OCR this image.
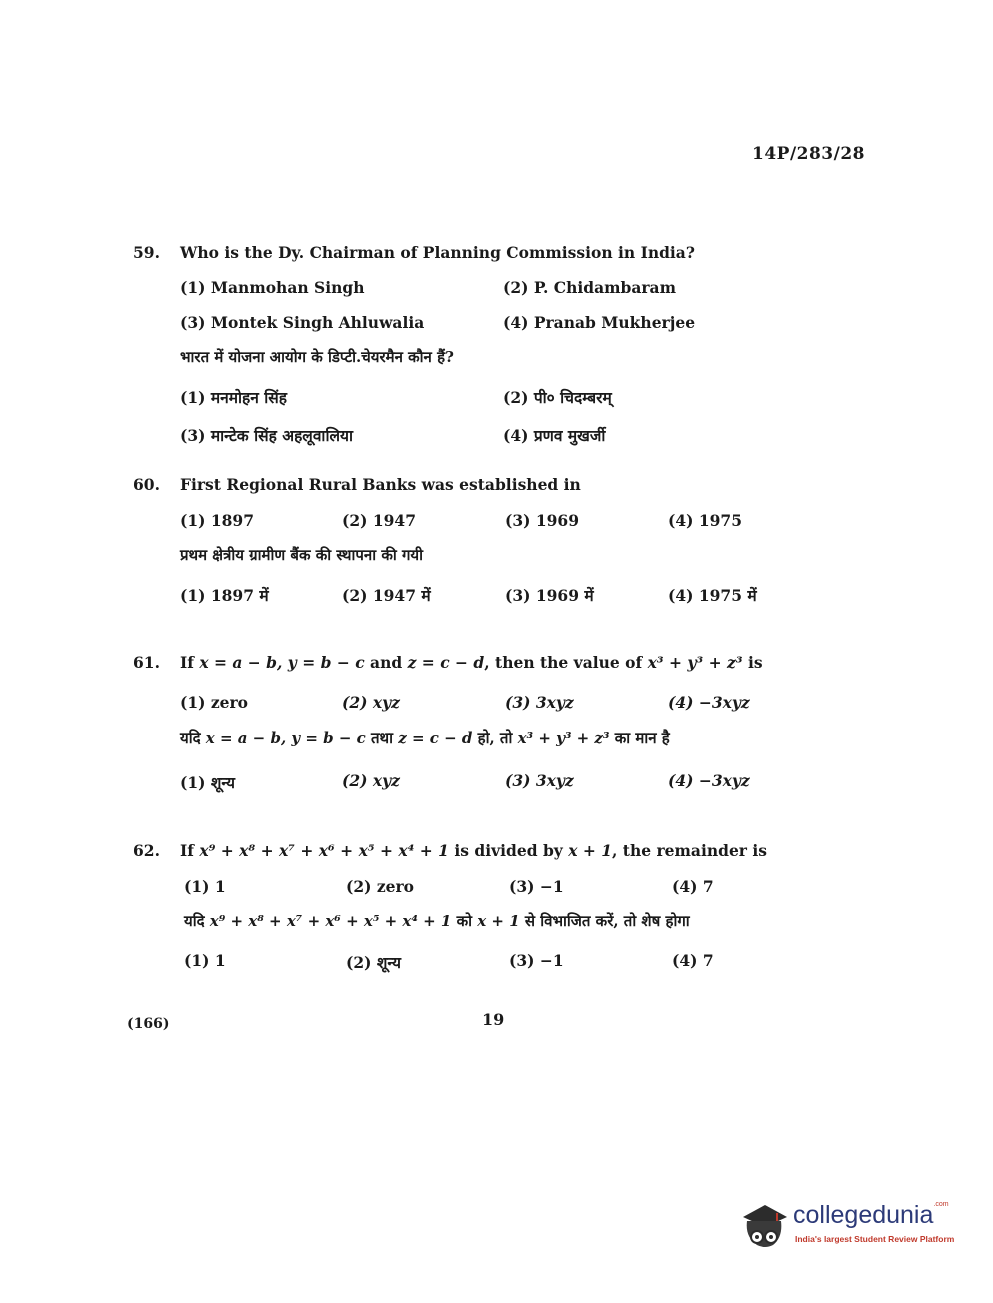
14P/283/28
59.	Who is the Dy. Chairman of Planning Commission in India?
(1) Manmohan Singh	(2) P. Chidambaram
(3) Montek Singh Ahluwalia	(4) Pranab Mukherjee
भारत में योजना आयोग के डिप्टी.चेयरमैन कौन हैं?
(1) मनमोहन सिंह	(2) पी० चिदम्बरम्
(3) मान्टेक सिंह अहलूवालिया	(4) प्रणव मुखर्जी
60.	First Regional Rural Banks was established in
(1) 1897	(2) 1947	(3) 1969	(4) 1975
प्रथम क्षेत्रीय ग्रामीण बैंक की स्थापना की गयी
(1) 1897 में	(2) 1947 में	(3) 1969 में	(4) 1975 में
61.	If x = a − b, y = b − c and z = c − d, then the value of x³ + y³ + z³ is
(1) zero	(2) xyz	(3) 3xyz	(4) −3xyz
यदि x = a − b, y = b − c तथा z = c − d हो, तो x³ + y³ + z³ का मान है
(1) शून्य	(2) xyz	(3) 3xyz	(4) −3xyz
62.	If x⁹ + x⁸ + x⁷ + x⁶ + x⁵ + x⁴ + 1 is divided by x + 1, the remainder is
(1) 1	(2) zero	(3) −1	(4) 7
यदि x⁹ + x⁸ + x⁷ + x⁶ + x⁵ + x⁴ + 1 को x + 1 से विभाजित करें, तो शेष होगा
(1) 1	(2) शून्य	(3) −1	(4) 7
(166)	19
collegedunia$^{.com}$
India's largest Student Review Platform
